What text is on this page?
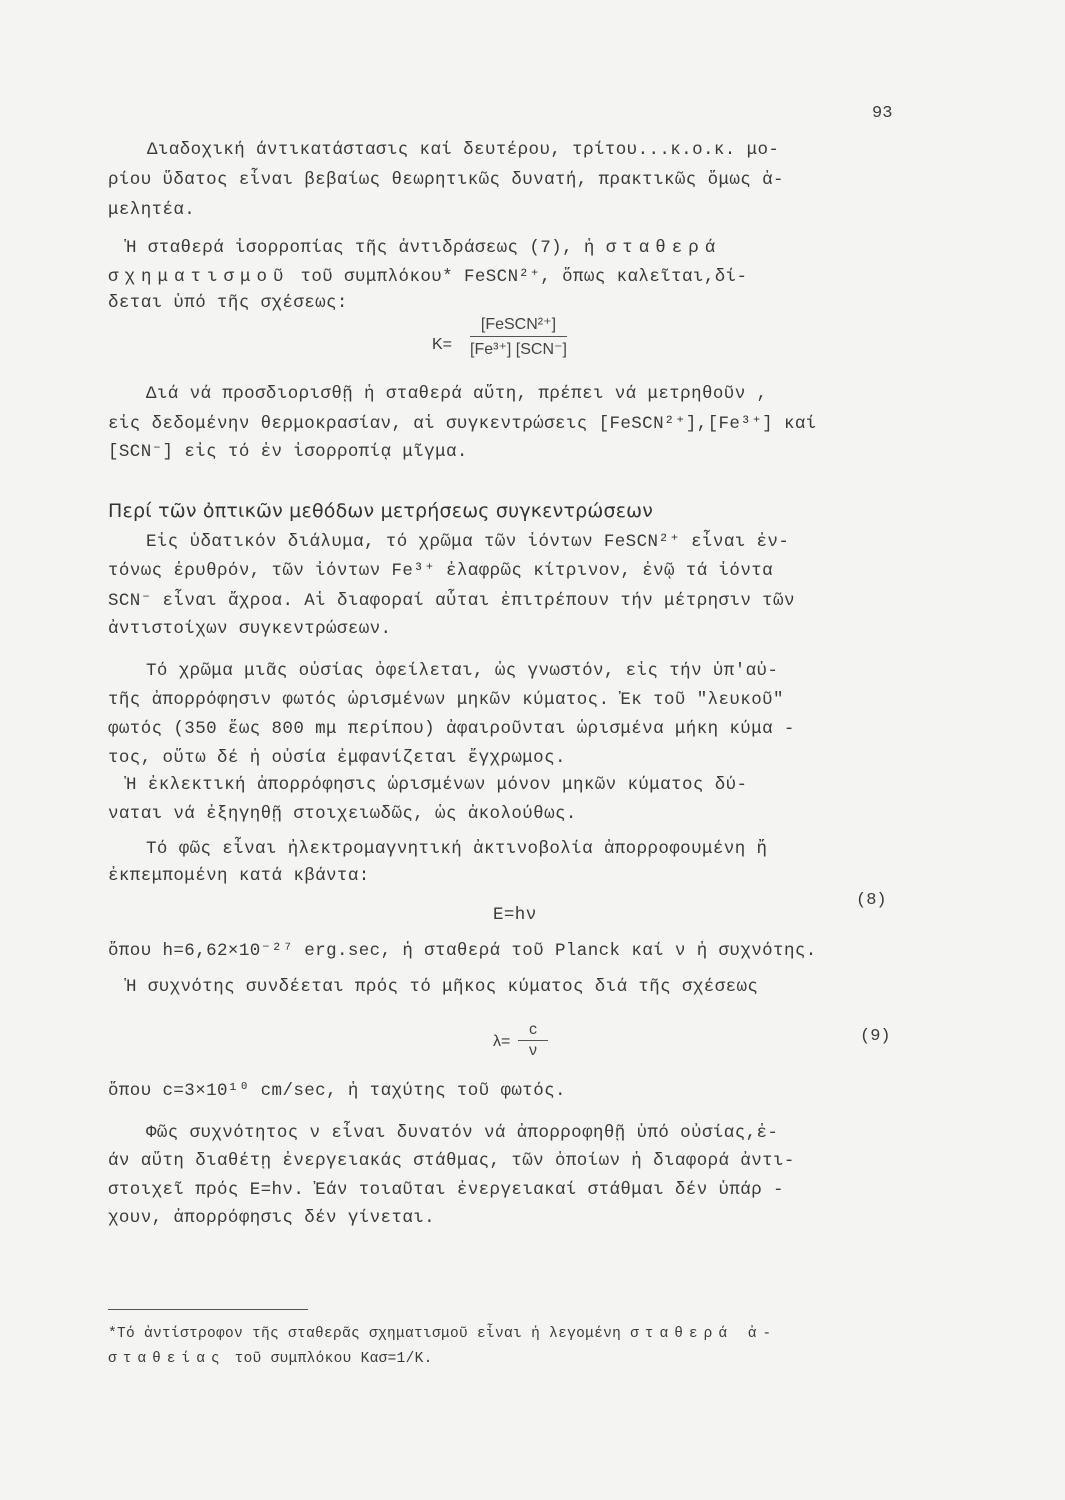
93
Διαδοχική άντικατάστασις καί δευτέρου, τρίτου...κ.ο.κ. μο-
ρίου ὕδατος εἶναι βεβαίως θεωρητικῶς δυνατή, πρακτικῶς ὅμως ἀ-
μελητέα.
Ἡ σταθερά ἰσορροπίας τῆς ἀντιδράσεως (7), ἡ σταθερά
σχηματισμοῦ τοῦ συμπλόκου* FeSCN²⁺, ὅπως καλεῖται,δί-
δεται ὑπό τῆς σχέσεως:
K=
[FeSCN²⁺]
[Fe³⁺] [SCN⁻]
Διά νά προσδιορισθῇ ἡ σταθερά αὕτη, πρέπει νά μετρηθοῦν ,
εἰς δεδομένην θερμοκρασίαν, αἱ συγκεντρώσεις [FeSCN²⁺],[Fe³⁺] καί
[SCN⁻] εἰς τό ἐν ἰσορροπίᾳ μῖγμα.
Περί τῶν ὀπτικῶν μεθόδων μετρήσεως συγκεντρώσεων
Εἰς ὑδατικόν διάλυμα, τό χρῶμα τῶν ἰόντων FeSCN²⁺ εἶναι ἐν-
τόνως ἐρυθρόν, τῶν ἰόντων Fe³⁺ ἐλαφρῶς κίτρινον, ἐνῷ τά ἰόντα
SCN⁻ εἶναι ἄχροα. Αἱ διαφοραί αὗται ἐπιτρέπουν τήν μέτρησιν τῶν
ἀντιστοίχων συγκεντρώσεων.
Τό χρῶμα μιᾶς οὐσίας ὀφείλεται, ὡς γνωστόν, εἰς τήν ὑπ'αὐ-
τῆς ἀπορρόφησιν φωτός ὡρισμένων μηκῶν κύματος. Ἐκ τοῦ "λευκοῦ"
φωτός (350 ἕως 800 mμ περίπου) ἀφαιροῦνται ὡρισμένα μήκη κύμα -
τος, οὕτω δέ ἡ οὐσία ἐμφανίζεται ἔγχρωμος.
Ἡ ἐκλεκτική ἀπορρόφησις ὡρισμένων μόνον μηκῶν κύματος δύ-
ναται νά ἐξηγηθῇ στοιχειωδῶς, ὡς ἀκολούθως.
Τό φῶς εἶναι ἠλεκτρομαγνητική ἀκτινοβολία ἀπορροφουμένη ἤ
ἐκπεμπομένη κατά κβάντα:
E=hν
(8)
ὅπου h=6,62×10⁻²⁷ erg.sec, ἡ σταθερά τοῦ Planck καί ν ἡ συχνότης.
Ἡ συχνότης συνδέεται πρός τό μῆκος κύματος διά τῆς σχέσεως
λ=
c
ν
(9)
ὅπου c=3×10¹⁰ cm/sec, ἡ ταχύτης τοῦ φωτός.
Φῶς συχνότητος ν εἶναι δυνατόν νά ἀπορροφηθῇ ὑπό οὐσίας,ἐ-
άν αὕτη διαθέτῃ ἐνεργειακάς στάθμας, τῶν ὁποίων ἡ διαφορά ἀντι-
στοιχεῖ πρός E=hν. Ἐάν τοιαῦται ἐνεργειακαί στάθμαι δέν ὑπάρ -
χουν, ἀπορρόφησις δέν γίνεται.
*Τό ἀντίστροφον τῆς σταθερᾶς σχηματισμοῦ εἶναι ἡ λεγομένη σταθερά ἀ-
σταθείας τοῦ συμπλόκου Kασ=1/K.
